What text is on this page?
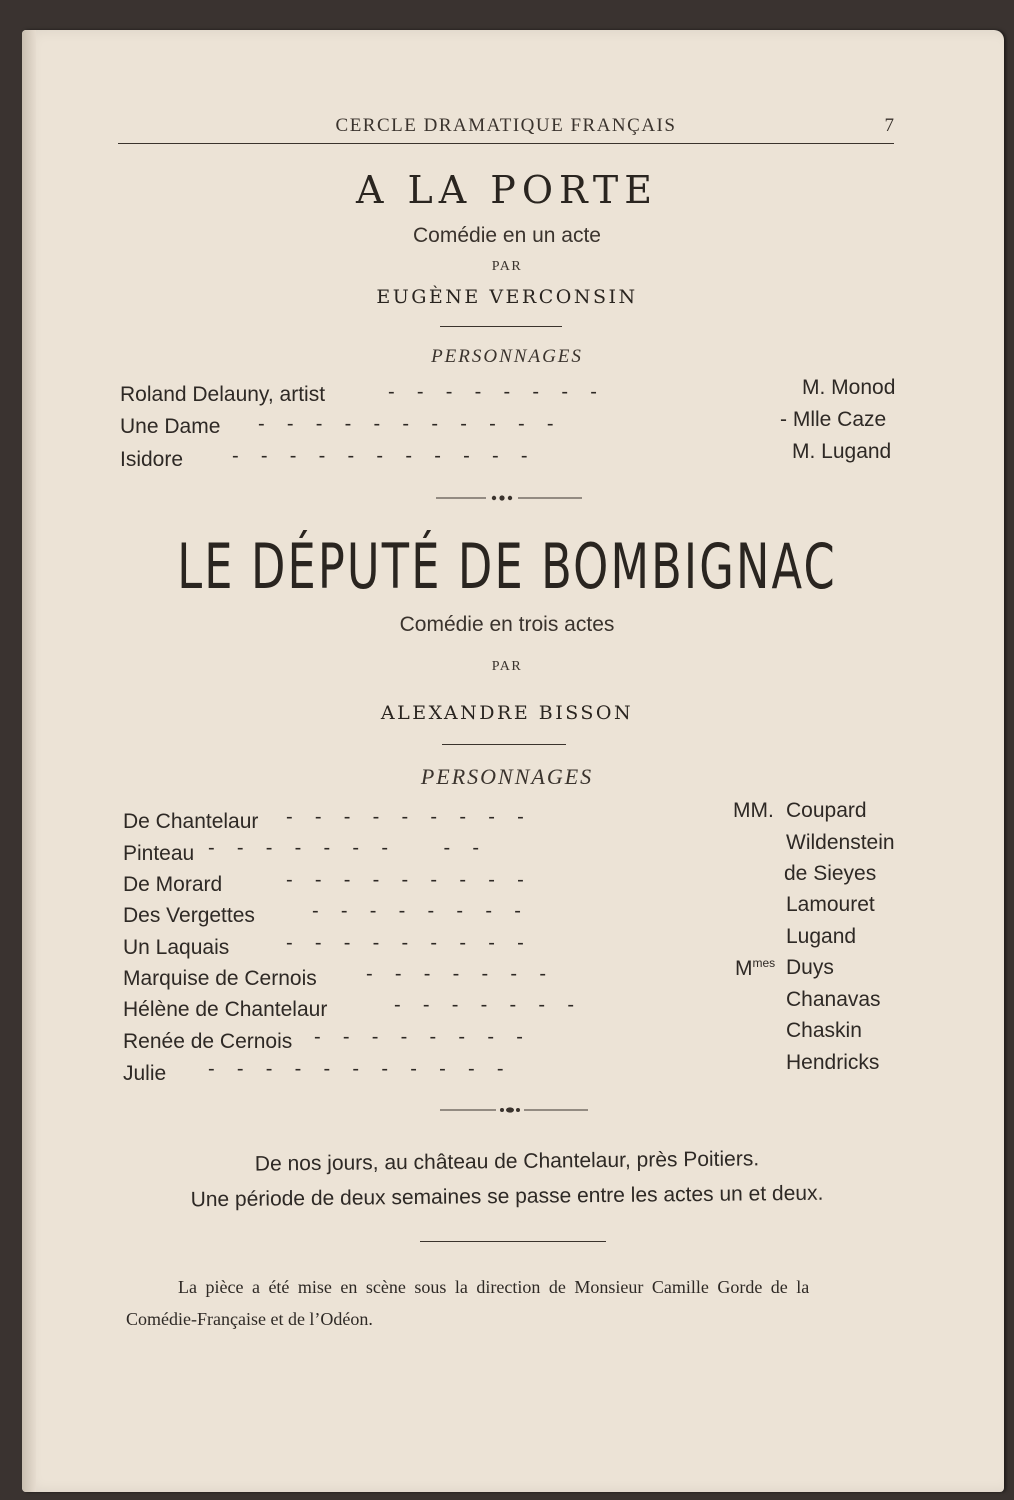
CERCLE DRAMATIQUE FRANÇAIS	7
A LA PORTE
Comédie en un acte
PAR
EUGÈNE VERCONSIN
PERSONNAGES
Roland Delauny, artist	-    -    -    -    -    -    -    -	M. Monod
Une Dame -    -    -    -    -    -    -    -    -    -    -	- Mlle Caze
Isidore -    -    -    -    -    -    -    -    -    -    -	M. Lugand
LE DÉPUTÉ DE BOMBIGNAC
Comédie en trois actes
PAR
ALEXANDRE BISSON
PERSONNAGES
De Chantelaur -    -    -    -    -    -    -    -    -	MM. Coupard
Pinteau -    -    -    -    -    -    -          -    -	Wildenstein
De Morard	-    -    -    -    -    -    -    -    -	de Sieyes
Des Vergettes	-    -    -    -    -    -    -    -	Lamouret
Un Laquais	-    -    -    -    -    -    -    -    -	Lugand
Marquise de Cernois -    -    -    -    -    -    -	$M^{mes}$ Duys
Hélène de Chantelaur	-    -    -    -    -    -    -	Chanavas
Renée de Cernois -    -    -    -    -    -    -    -	Chaskin
Julie -    -    -    -    -    -    -    -    -    -    -	Hendricks
De nos jours, au château de Chantelaur, près Poitiers.
Une période de deux semaines se passe entre les actes un et deux.
La pièce a été mise en scène sous la direction de Monsieur Camille Gorde de la
Comédie-Française et de l’Odéon.
